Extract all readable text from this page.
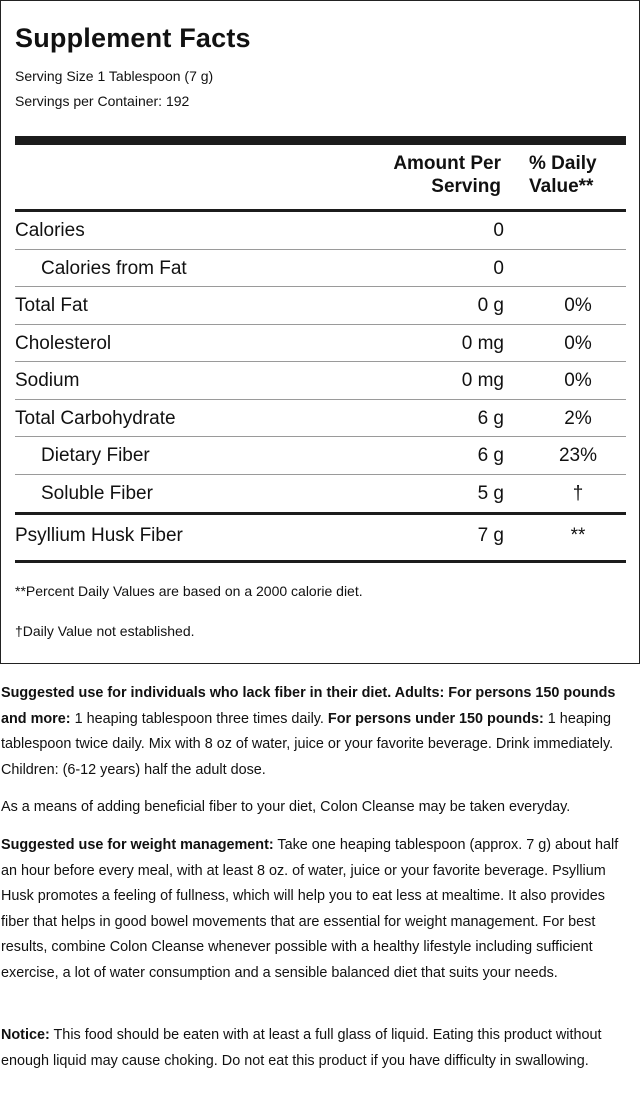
Supplement Facts
Serving Size 1 Tablespoon (7 g)
Servings per Container: 192
Amount Per
Serving
% Daily
Value**
Calories	0
Calories from Fat	0
Total Fat	0 g	0%
Cholesterol	0 mg	0%
Sodium	0 mg	0%
Total Carbohydrate	6 g	2%
Dietary Fiber	6 g	23%
Soluble Fiber	5 g	†
Psyllium Husk Fiber	7 g	**
**Percent Daily Values are based on a 2000 calorie diet.
†Daily Value not established.

Suggested use for individuals who lack fiber in their diet. Adults: For persons 150 pounds and more: 1 heaping tablespoon three times daily. For persons under 150 pounds: 1 heaping tablespoon twice daily. Mix with 8 oz of water, juice or your favorite beverage. Drink immediately. Children: (6-12 years) half the adult dose.

As a means of adding beneficial fiber to your diet, Colon Cleanse may be taken everyday.

Suggested use for weight management: Take one heaping tablespoon (approx. 7 g) about half an hour before every meal, with at least 8 oz. of water, juice or your favorite beverage. Psyllium Husk promotes a feeling of fullness, which will help you to eat less at mealtime. It also provides fiber that helps in good bowel movements that are essential for weight management. For best results, combine Colon Cleanse whenever possible with a healthy lifestyle including sufficient exercise, a lot of water consumption and a sensible balanced diet that suits your needs.

Notice: This food should be eaten with at least a full glass of liquid. Eating this product without enough liquid may cause choking. Do not eat this product if you have difficulty in swallowing.
